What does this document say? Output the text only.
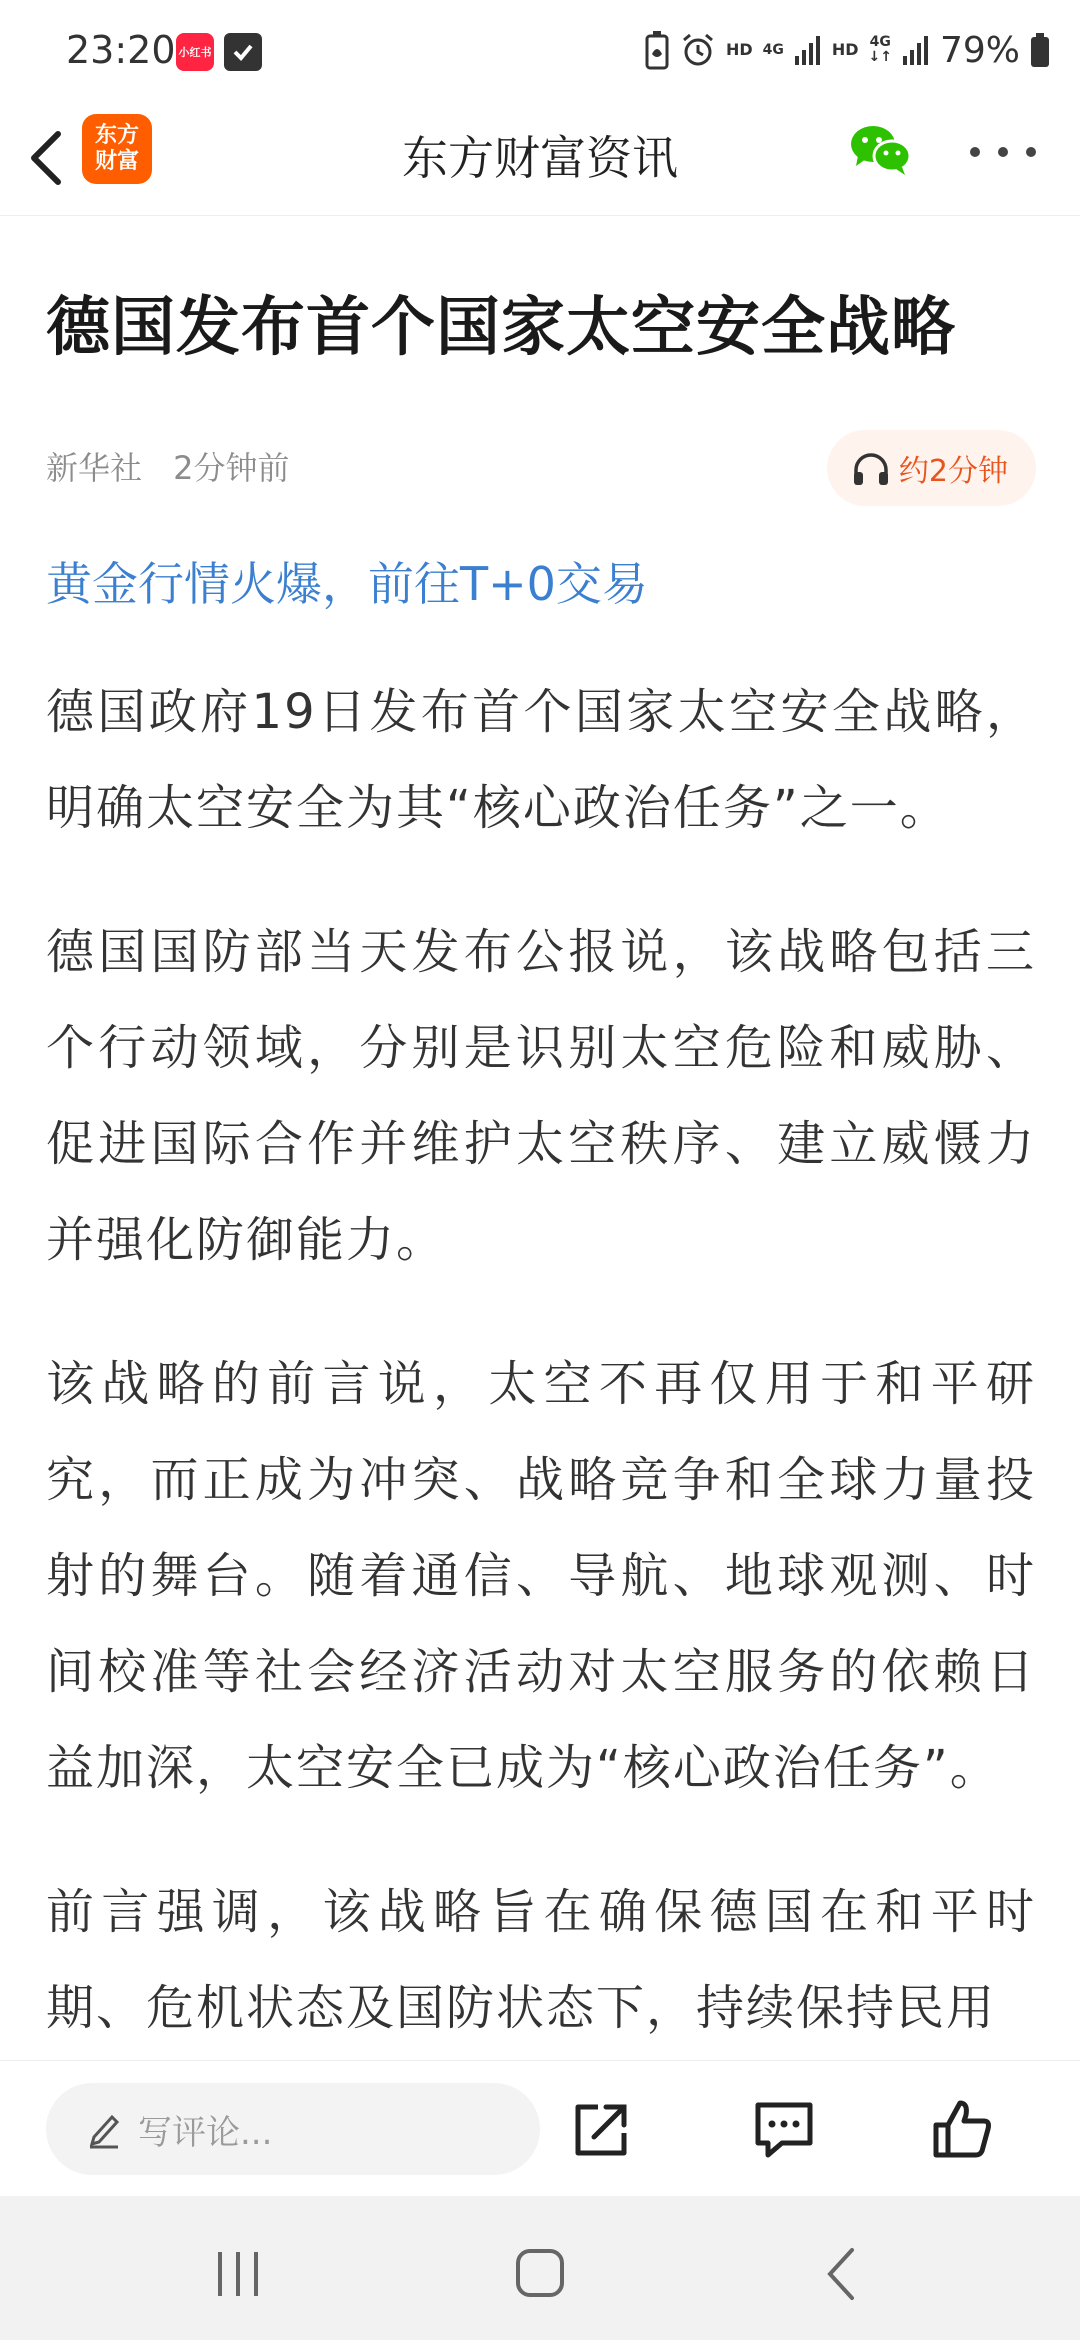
23:20 小红书	HD 4G	HD 4G
↓↑ 79%
东方财富资讯
东方财富
德国发布首个国家太空安全战略
新华社 2分钟前	约2分钟
黄金行情火爆，前往T+0交易

德国政府19日发布首个国家太空安全战略，明确太空安全为其“核心政治任务”之一。

德国国防部当天发布公报说，该战略包括三个行动领域，分别是识别太空危险和威胁、促进国际合作并维护太空秩序、建立威慑力并强化防御能力。

该战略的前言说，太空不再仅用于和平研究，而正成为冲突、战略竞争和全球力量投射的舞台。随着通信、导航、地球观测、时间校准等社会经济活动对太空服务的依赖日益加深，太空安全已成为“核心政治任务”。

前言强调，该战略旨在确保德国在和平时期、危机状态及国防状态下，持续保持民用

写评论...
